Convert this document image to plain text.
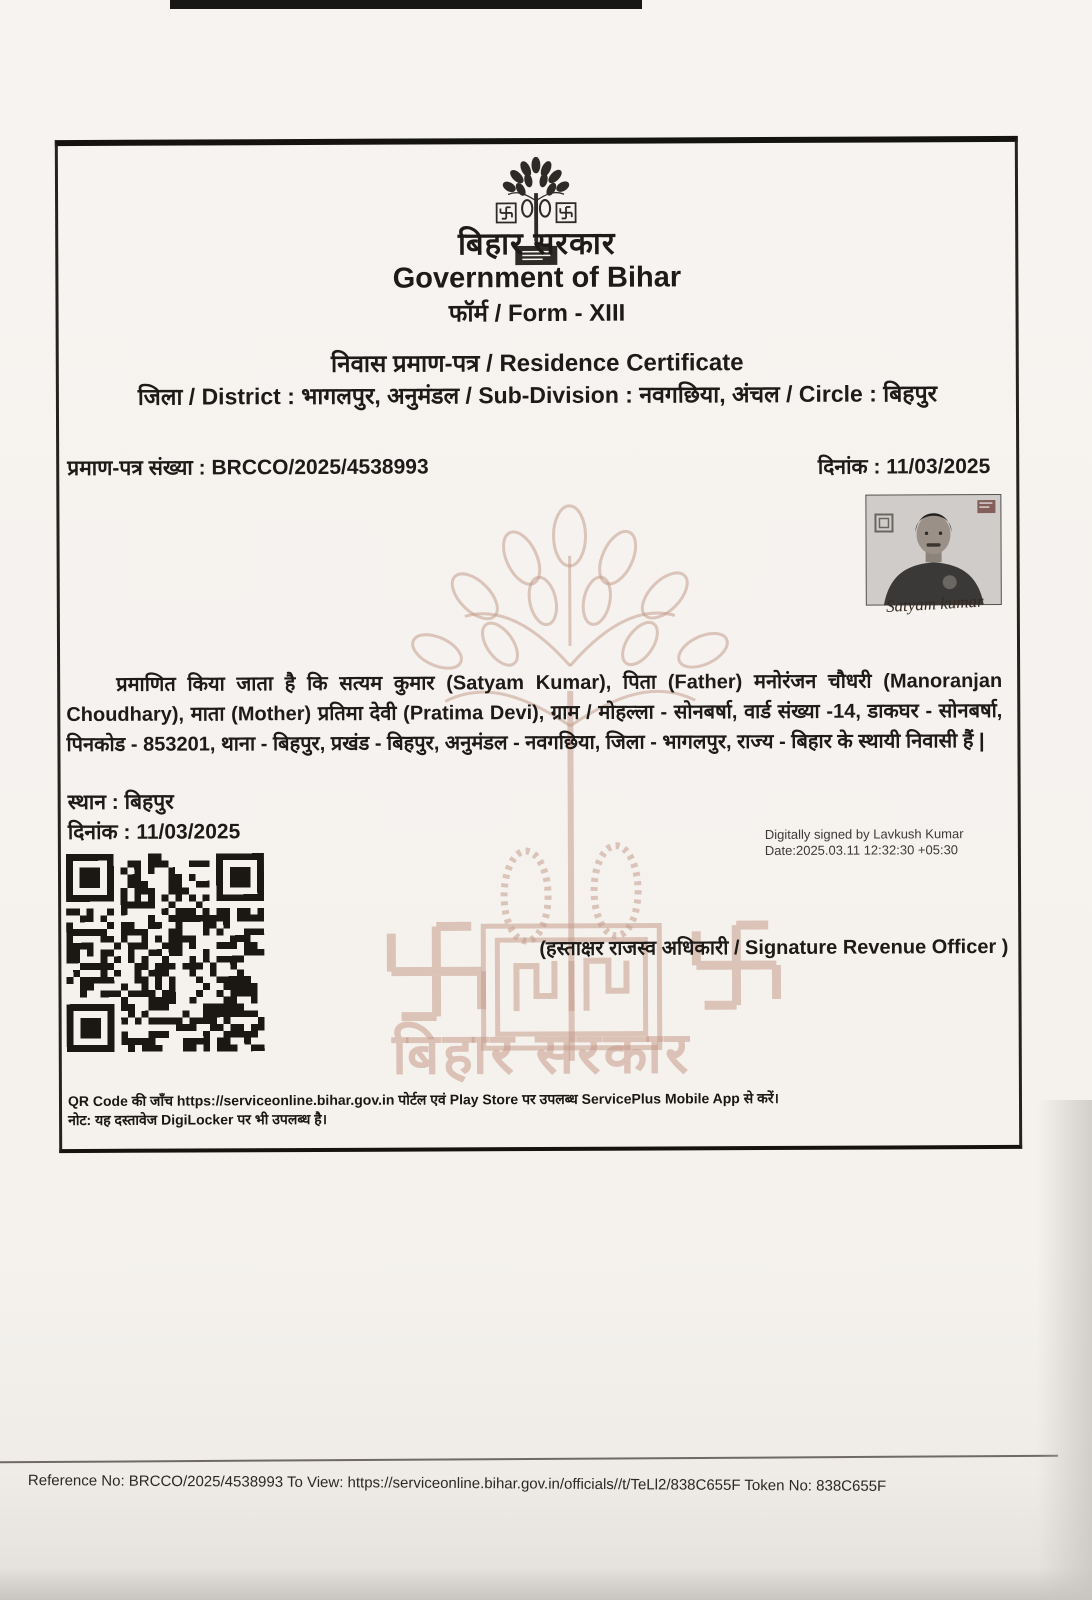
बिहार सरकार
Government of Bihar
फॉर्म / Form - XIII
निवास प्रमाण-पत्र / Residence Certificate
जिला / District : भागलपुर, अनुमंडल / Sub-Division : नवगछिया, अंचल / Circle : बिहपुर
प्रमाण-पत्र संख्या : BRCCO/2025/4538993	दिनांक : 11/03/2025
Satyam kumar
प्रमाणित किया जाता है कि सत्यम कुमार (Satyam Kumar), पिता (Father) मनोरंजन चौधरी (Manoranjan Choudhary), माता (Mother) प्रतिमा देवी (Pratima Devi), ग्राम / मोहल्ला - सोनबर्षा, वार्ड संख्या -14, डाकघर - सोनबर्षा, पिनकोड - 853201, थाना - बिहपुर, प्रखंड - बिहपुर, अनुमंडल - नवगछिया, जिला - भागलपुर, राज्य - बिहार के स्थायी निवासी हैं |
स्थान : बिहपुर
दिनांक : 11/03/2025	Digitally signed by Lavkush Kumar
Date:2025.03.11 12:32:30 +05:30
(हस्ताक्षर राजस्व अधिकारी / Signature Revenue Officer )
QR Code की जाँच https://serviceonline.bihar.gov.in पोर्टल एवं Play Store पर उपलब्ध ServicePlus Mobile App से करें।
नोट: यह दस्तावेज DigiLocker पर भी उपलब्ध है।
बिहार सरकार
Reference No: BRCCO/2025/4538993 To View: https://serviceonline.bihar.gov.in/officials//t/TeLl2/838C655F Token No: 838C655F
